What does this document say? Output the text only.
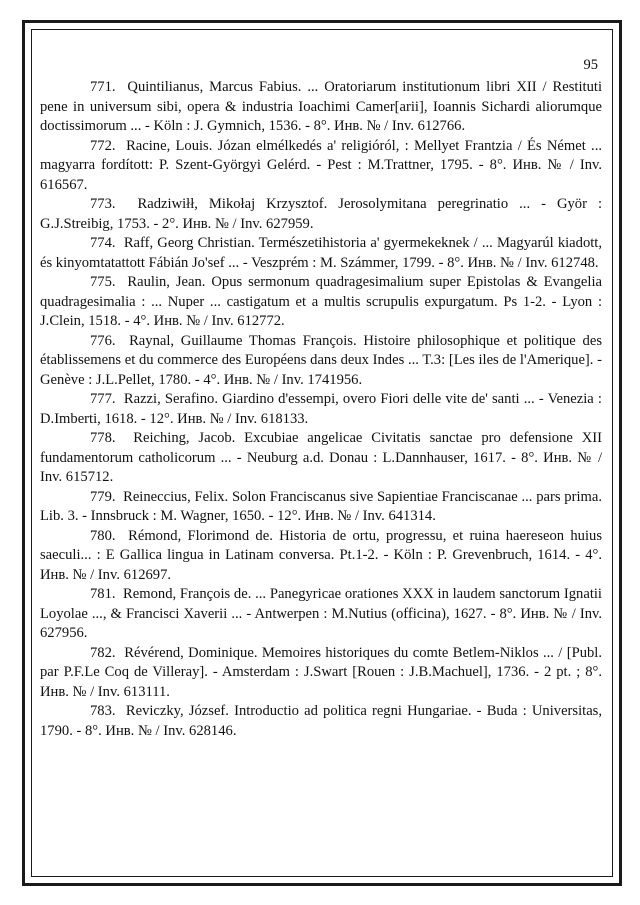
95

771.  Quintilianus, Marcus Fabius. ... Oratoriarum institutionum libri XII / Restituti pene in universum sibi, opera & industria Ioachimi Camer[arii], Ioannis Sichardi aliorumque doctissimorum ... - Köln : J. Gymnich, 1536. - 8°. Инв. № / Inv. 612766.

772.  Racine, Louis. Józan elmélkedés a' religióról, : Mellyet Frantzia / És Német ... magyarra fordított: P. Szent-Györgyi Gelérd. - Pest : M.Trattner, 1795. - 8°. Инв. № / Inv. 616567.

773.  Radziwiłł, Mikołaj Krzysztof. Jerosolymitana peregrinatio ... - Györ : G.J.Streibig, 1753. - 2°. Инв. № / Inv. 627959.

774.  Raff, Georg Christian. Természetihistoria a' gyermekeknek / ... Magyarúl kiadott, és kinyomtatattott Fábián Jo'sef ... - Veszprém : M. Számmer, 1799. - 8°. Инв. № / Inv. 612748.

775.  Raulin, Jean. Opus sermonum quadragesimalium super Epistolas & Evangelia quadragesimalia : ... Nuper ... castigatum et a multis scrupulis expurgatum. Ps 1-2. - Lyon : J.Clein, 1518. - 4°. Инв. № / Inv. 612772.

776.  Raynal, Guillaume Thomas François. Histoire philosophique et politique des établissemens et du commerce des Européens dans deux Indes ... T.3: [Les iles de l'Amerique]. - Genève : J.L.Pellet, 1780. - 4°. Инв. № / Inv. 1741956.

777.  Razzi, Serafino. Giardino d'essempi, overo Fiori delle vite de' santi ... - Venezia : D.Imberti, 1618. - 12°. Инв. № / Inv. 618133.

778.  Reiching, Jacob. Excubiae angelicae Civitatis sanctae pro defensione XII fundamentorum catholicorum ... - Neuburg a.d. Donau : L.Dannhauser, 1617. - 8°. Инв. № / Inv. 615712.

779.  Reineccius, Felix. Solon Franciscanus sive Sapientiae Franciscanae ... pars prima. Lib. 3. - Innsbruck : M. Wagner, 1650. - 12°. Инв. № / Inv. 641314.

780.  Rémond, Florimond de. Historia de ortu, progressu, et ruina haereseon huius saeculi... : E Gallica lingua in Latinam conversa. Pt.1-2. - Köln : P. Grevenbruch, 1614. - 4°. Инв. № / Inv. 612697.

781.  Remond, François de. ... Panegyricae orationes XXX in laudem sanctorum Ignatii Loyolae ..., & Francisci Xaverii ... - Antwerpen : M.Nutius (officina), 1627. - 8°. Инв. № / Inv. 627956.

782.  Révérend, Dominique. Memoires historiques du comte Betlem-Niklos ... / [Publ. par P.F.Le Coq de Villeray]. - Amsterdam : J.Swart [Rouen : J.B.Machuel], 1736. - 2 pt. ; 8°. Инв. № / Inv. 613111.

783.  Reviczky, József. Introductio ad politica regni Hungariae. - Buda : Universitas, 1790. - 8°. Инв. № / Inv. 628146.
